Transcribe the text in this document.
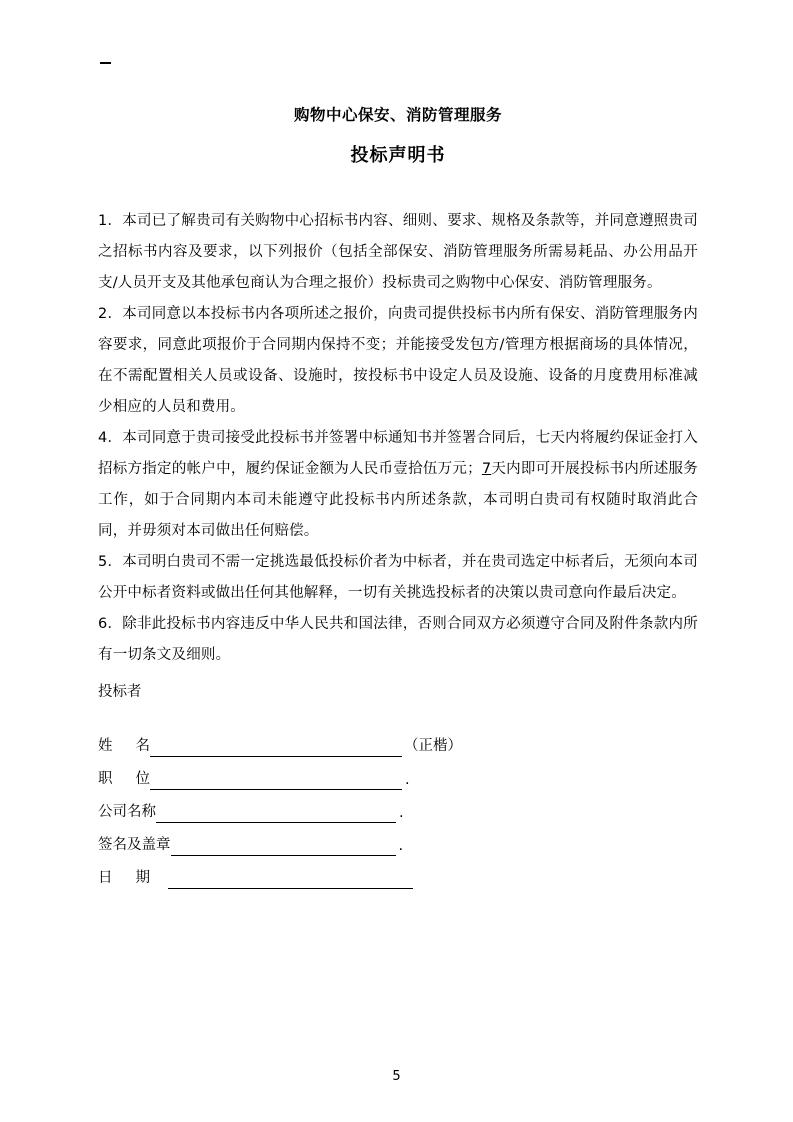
购物中心保安、消防管理服务
投标声明书

1．本司已了解贵司有关购物中心招标书内容、细则、要求、规格及条款等，并同意遵照贵司之招标书内容及要求，以下列报价（包括全部保安、消防管理服务所需易耗品、办公用品开支/人员开支及其他承包商认为合理之报价）投标贵司之购物中心保安、消防管理服务。

2．本司同意以本投标书内各项所述之报价，向贵司提供投标书内所有保安、消防管理服务内容要求，同意此项报价于合同期内保持不变；并能接受发包方/管理方根据商场的具体情况，在不需配置相关人员或设备、设施时，按投标书中设定人员及设施、设备的月度费用标准减少相应的人员和费用。

4．本司同意于贵司接受此投标书并签署中标通知书并签署合同后，七天内将履约保证金打入招标方指定的帐户中，履约保证金额为人民币壹拾伍万元；7天内即可开展投标书内所述服务工作，如于合同期内本司未能遵守此投标书内所述条款，本司明白贵司有权随时取消此合同，并毋须对本司做出任何赔偿。

5．本司明白贵司不需一定挑选最低投标价者为中标者，并在贵司选定中标者后，无须向本司公开中标者资料或做出任何其他解释，一切有关挑选投标者的决策以贵司意向作最后决定。

6．除非此投标书内容违反中华人民共和国法律，否则合同双方必须遵守合同及附件条款内所有一切条文及细则。

投标者
姓     名	（正楷）
职     位	.
公司名称	.
签名及盖章	.
日     期
5
